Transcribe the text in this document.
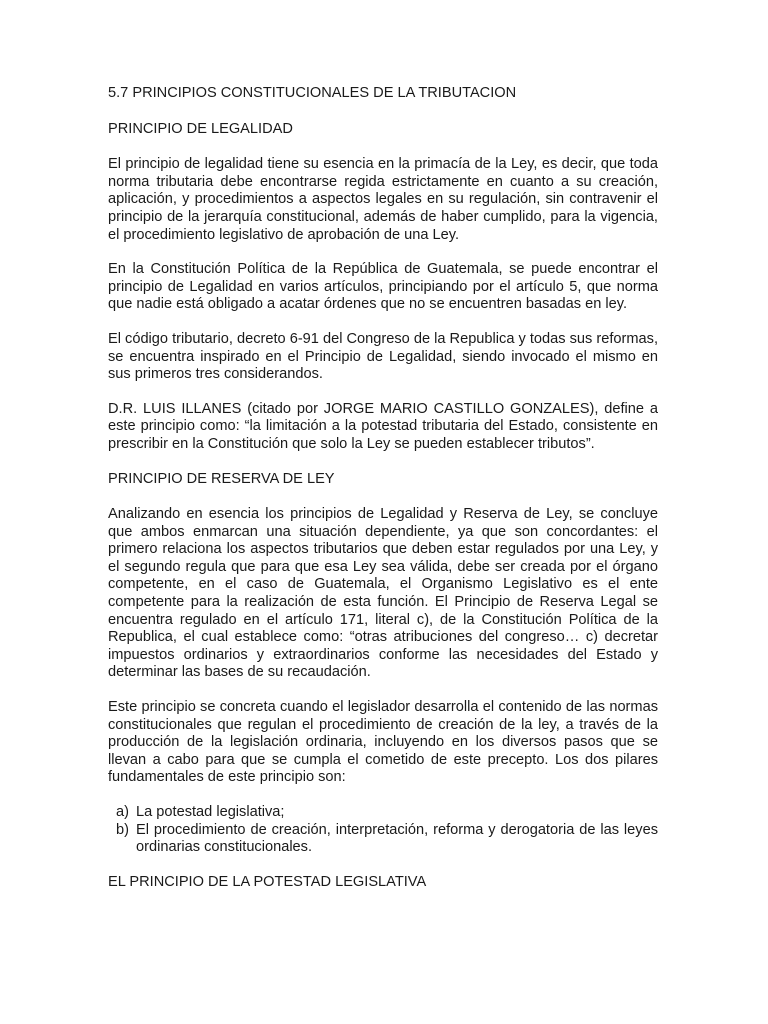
5.7 PRINCIPIOS CONSTITUCIONALES DE LA TRIBUTACION

PRINCIPIO DE LEGALIDAD

El principio de legalidad tiene su esencia en la primacía de la Ley, es decir, que toda norma tributaria debe encontrarse regida estrictamente en cuanto a su creación, aplicación, y procedimientos a aspectos legales en su regulación, sin contravenir el principio de la jerarquía constitucional, además de haber cumplido, para la vigencia, el procedimiento legislativo de aprobación de una Ley.

En la Constitución Política de la República de Guatemala, se puede encontrar el principio de Legalidad en varios artículos, principiando por el artículo 5, que norma que nadie está obligado a acatar órdenes que no se encuentren basadas en ley.

El código tributario, decreto 6-91 del Congreso de la Republica y todas sus reformas, se encuentra inspirado en el Principio de Legalidad, siendo invocado el mismo en sus primeros tres considerandos.

D.R. LUIS ILLANES (citado por JORGE MARIO CASTILLO GONZALES), define a este principio como: “la limitación a la potestad tributaria del Estado, consistente en prescribir en la Constitución que solo la Ley se pueden establecer tributos”.

PRINCIPIO DE RESERVA DE LEY

Analizando en esencia los principios de Legalidad y Reserva de Ley, se concluye que ambos enmarcan una situación dependiente, ya que son concordantes: el primero relaciona los aspectos tributarios que deben estar regulados por una Ley, y el segundo regula que para que esa Ley sea válida, debe ser creada por el órgano competente, en el caso de Guatemala, el Organismo Legislativo es el ente competente para la realización de esta función. El Principio de Reserva Legal se encuentra regulado en el artículo 171, literal c), de la Constitución Política de la Republica, el cual establece como: “otras atribuciones del congreso… c) decretar impuestos ordinarios y extraordinarios conforme las necesidades del Estado y determinar las bases de su recaudación.

Este principio se concreta cuando el legislador desarrolla el contenido de las normas constitucionales que regulan el procedimiento de creación de la ley, a través de la producción de la legislación ordinaria, incluyendo en los diversos pasos que se llevan a cabo para que se cumpla el cometido de este precepto. Los dos pilares fundamentales de este principio son:

a) La potestad legislativa;
b) El procedimiento de creación, interpretación, reforma y derogatoria de las leyes ordinarias constitucionales.

EL PRINCIPIO DE LA POTESTAD LEGISLATIVA
